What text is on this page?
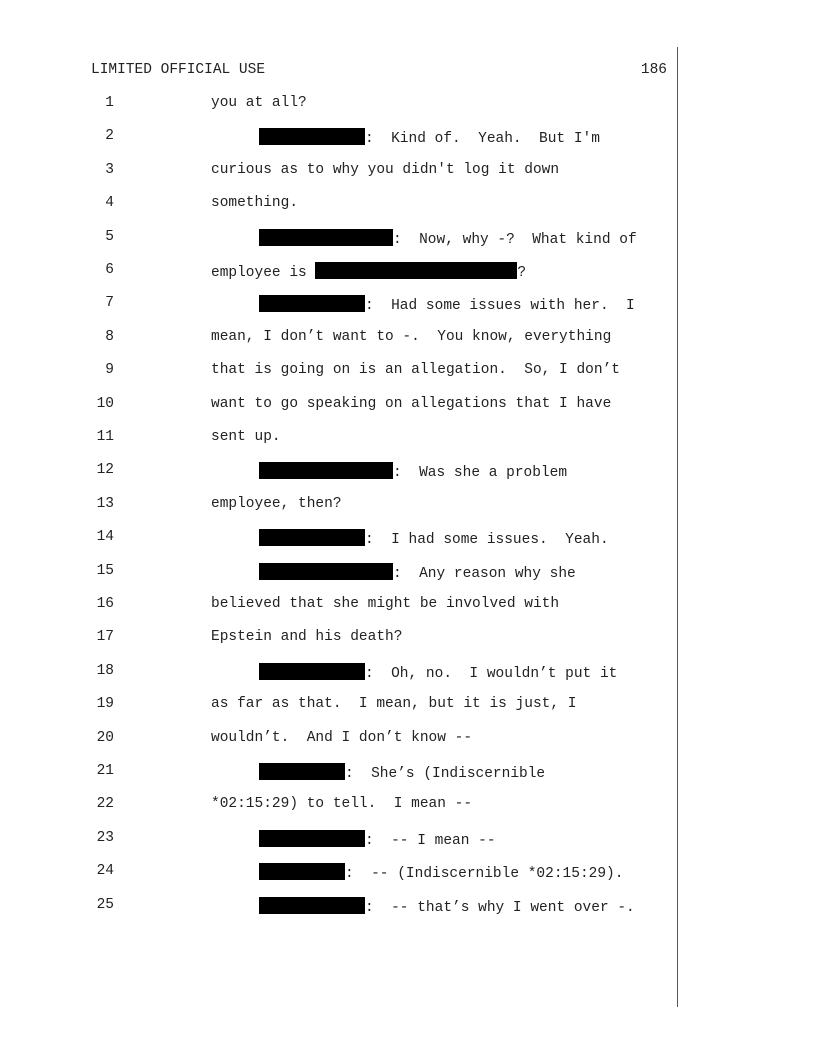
LIMITED OFFICIAL USE	186
1	you at all?
2	:  Kind of.  Yeah.  But I'm
3	curious as to why you didn't log it down
4	something.
5	:  Now, why -?  What kind of
6	employee is	?
7	:  Had some issues with her.  I
8	mean, I don’t want to -.  You know, everything
9	that is going on is an allegation.  So, I don’t
10	want to go speaking on allegations that I have
11	sent up.
12	:  Was she a problem
13	employee, then?
14	:  I had some issues.  Yeah.
15	:  Any reason why she
16	believed that she might be involved with
17	Epstein and his death?
18	:  Oh, no.  I wouldn’t put it
19	as far as that.  I mean, but it is just, I
20	wouldn’t.  And I don’t know --
21	:  She’s (Indiscernible
22	*02:15:29) to tell.  I mean --
23	:  -- I mean --
24	:  -- (Indiscernible *02:15:29).
25	:  -- that’s why I went over -.
